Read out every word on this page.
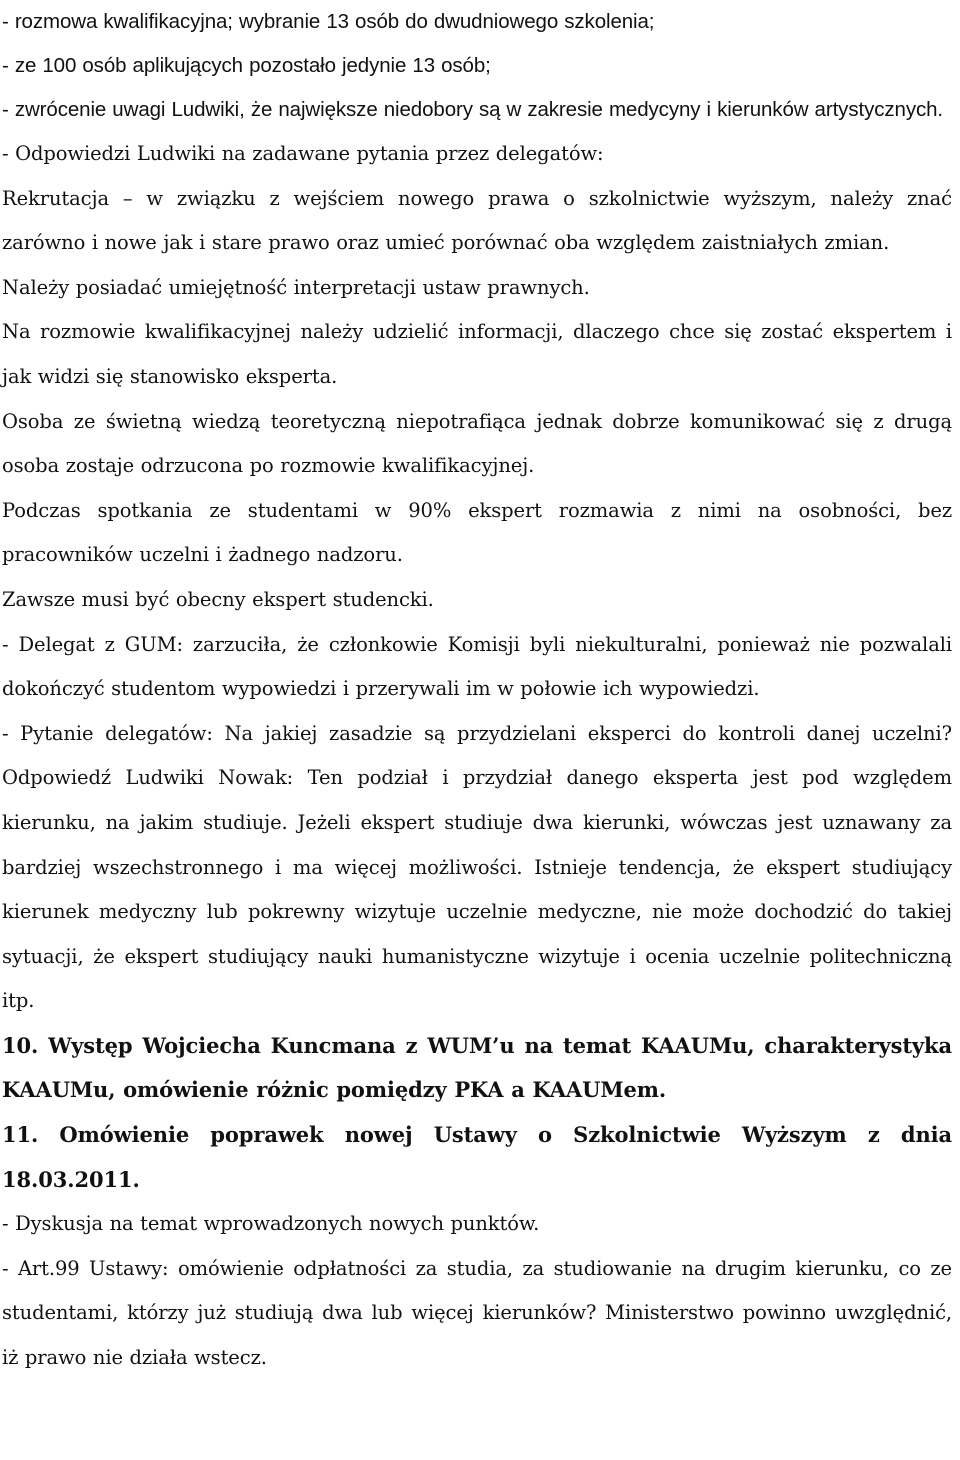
- rozmowa kwalifikacyjna; wybranie 13 osób do dwudniowego szkolenia;

- ze 100 osób aplikujących pozostało jedynie 13 osób;

- zwrócenie uwagi Ludwiki, że największe niedobory są w zakresie medycyny i kierunków artystycznych.

- Odpowiedzi Ludwiki na zadawane pytania przez delegatów:

Rekrutacja – w związku z wejściem nowego prawa o szkolnictwie wyższym, należy znać zarówno i nowe jak i stare prawo oraz umieć porównać oba względem zaistniałych zmian.

Należy posiadać umiejętność interpretacji ustaw prawnych.

Na rozmowie kwalifikacyjnej należy udzielić informacji, dlaczego chce się zostać ekspertem i jak widzi się stanowisko eksperta.

Osoba ze świetną wiedzą teoretyczną niepotrafiąca jednak dobrze komunikować się z drugą osoba zostaje odrzucona po rozmowie kwalifikacyjnej.

Podczas spotkania ze studentami w 90% ekspert rozmawia z nimi na osobności, bez pracowników uczelni i żadnego nadzoru.

Zawsze musi być obecny ekspert studencki.

- Delegat z GUM: zarzuciła, że członkowie Komisji byli niekulturalni, ponieważ nie pozwalali dokończyć studentom wypowiedzi i przerywali im w połowie ich wypowiedzi.

- Pytanie delegatów: Na jakiej zasadzie są przydzielani eksperci do kontroli danej uczelni? Odpowiedź Ludwiki Nowak: Ten podział i przydział danego eksperta jest pod względem kierunku, na jakim studiuje. Jeżeli ekspert studiuje dwa kierunki, wówczas jest uznawany za bardziej wszechstronnego i ma więcej możliwości. Istnieje tendencja, że ekspert studiujący kierunek medyczny lub pokrewny wizytuje uczelnie medyczne, nie może dochodzić do takiej sytuacji, że ekspert studiujący nauki humanistyczne wizytuje i ocenia uczelnie politechniczną itp.

10. Występ Wojciecha Kuncmana z WUM’u na temat KAAUMu, charakterystyka KAAUMu, omówienie różnic pomiędzy PKA a KAAUMem.

11. Omówienie poprawek nowej Ustawy o Szkolnictwie Wyższym z dnia 18.03.2011.

- Dyskusja na temat wprowadzonych nowych punktów.

- Art.99 Ustawy: omówienie odpłatności za studia, za studiowanie na drugim kierunku, co ze studentami, którzy już studiują dwa lub więcej kierunków? Ministerstwo powinno uwzględnić, iż prawo nie działa wstecz.
